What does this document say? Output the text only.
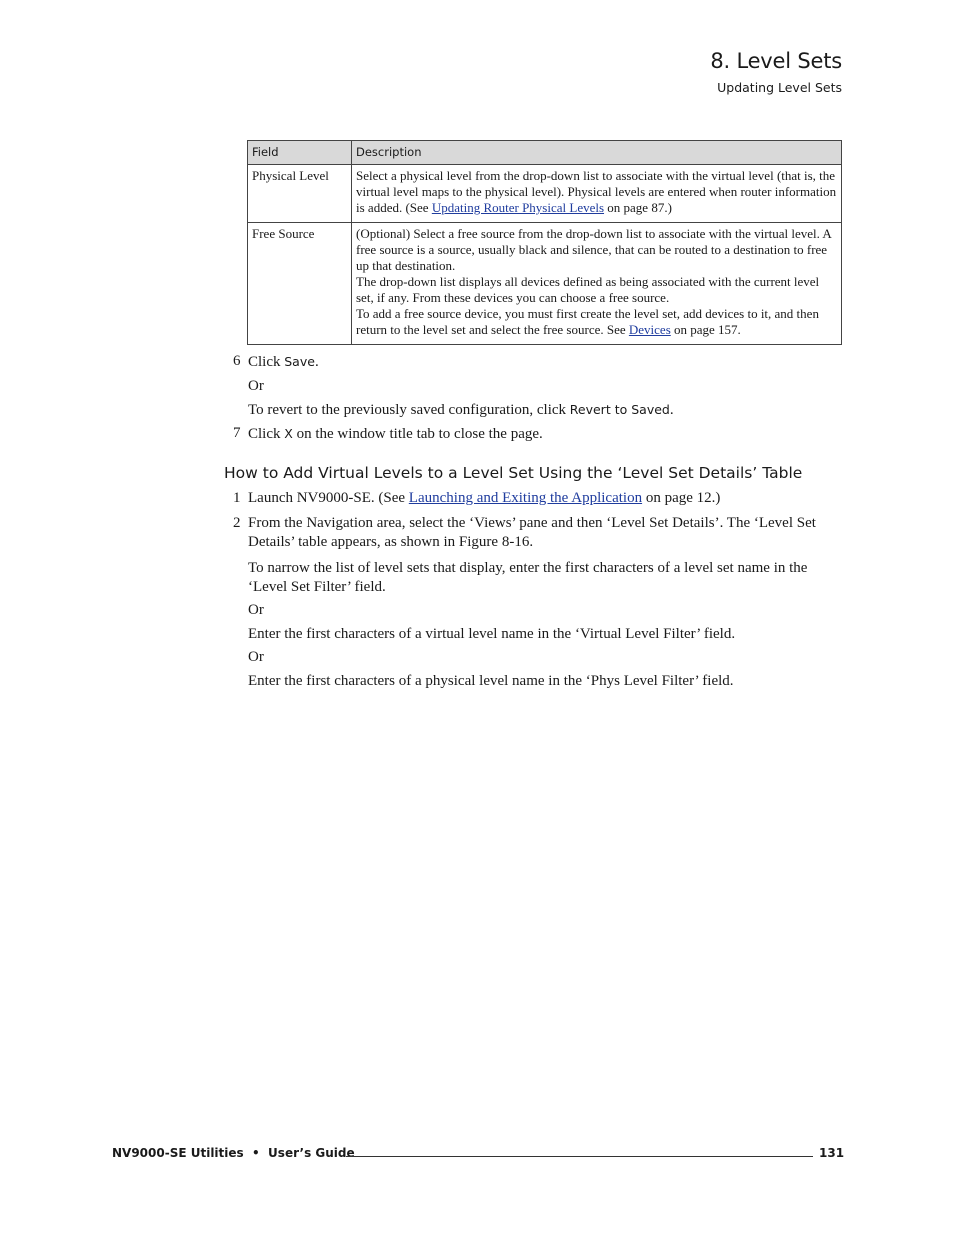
8. Level Sets
Updating Level Sets
Field	Description
Physical Level	Select a physical level from the drop-down list to associate with the virtual level (that is, the virtual level maps to the physical level). Physical levels are entered when router information is added. (See Updating Router Physical Levels on page 87.)
Free Source	(Optional) Select a free source from the drop-down list to associate with the virtual level. A free source is a source, usually black and silence, that can be routed to a destination to free up that destination.
The drop-down list displays all devices defined as being associated with the current level set, if any. From these devices you can choose a free source.
To add a free source device, you must first create the level set, add devices to it, and then return to the level set and select the free source. See Devices on page 157.
6 Click Save.
Or
To revert to the previously saved configuration, click Revert to Saved.
7 Click X on the window title tab to close the page.
How to Add Virtual Levels to a Level Set Using the ‘Level Set Details’ Table
1 Launch NV9000-SE. (See Launching and Exiting the Application on page 12.)
2 From the Navigation area, select the ‘Views’ pane and then ‘Level Set Details’. The ‘Level Set Details’ table appears, as shown in Figure 8-16.
To narrow the list of level sets that display, enter the first characters of a level set name in the ‘Level Set Filter’ field.
Or
Enter the first characters of a virtual level name in the ‘Virtual Level Filter’ field.
Or
Enter the first characters of a physical level name in the ‘Phys Level Filter’ field.
NV9000-SE Utilities  •  User’s Guide	131
